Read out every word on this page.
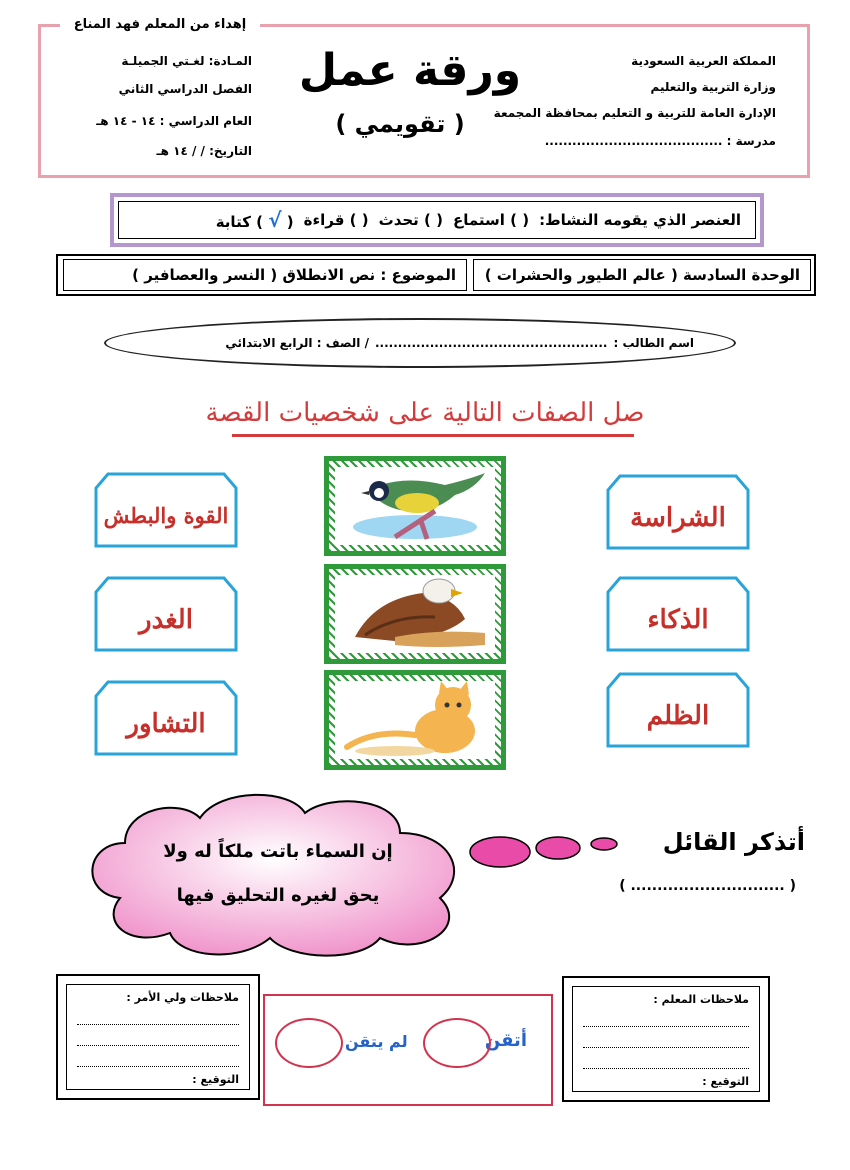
إهداء من المعلم فهد المناع
المملكة العربية السعودية
وزارة التربية والتعليم
الإدارة العامة للتربية و التعليم بمحافظة المجمعة
مدرسة : .......................................
المـادة: لغـتي الجميلـة
الفصل الدراسي الثاني
العام الدراسي : ١٤ - ١٤ هـ
التاريخ: / / ١٤ هـ
ورقة عمل
( تقويمي )
العنصر الذي يقومه النشاط:
( ) استماع
( ) تحدث
( ) قراءة
( √ ) كتابة
الوحدة السادسة ( عالم الطيور والحشرات )
الموضوع : نص الانطلاق ( النسر والعصافير )
اسم الطالب :
...................................................
/ الصف : الرابع الابتدائي
صل الصفات التالية على شخصيات القصة
الشراسة
الذكاء
الظلم
القوة والبطش
الغدر
التشاور
إن السماء باتت ملكاً له ولا
يحق لغيره التحليق فيها
أتذكر القائل
( ............................. )
ملاحظات ولي الأمر :
التوقيع :
أتقن
لم يتقن
ملاحظات المعلم :
التوقيع :
